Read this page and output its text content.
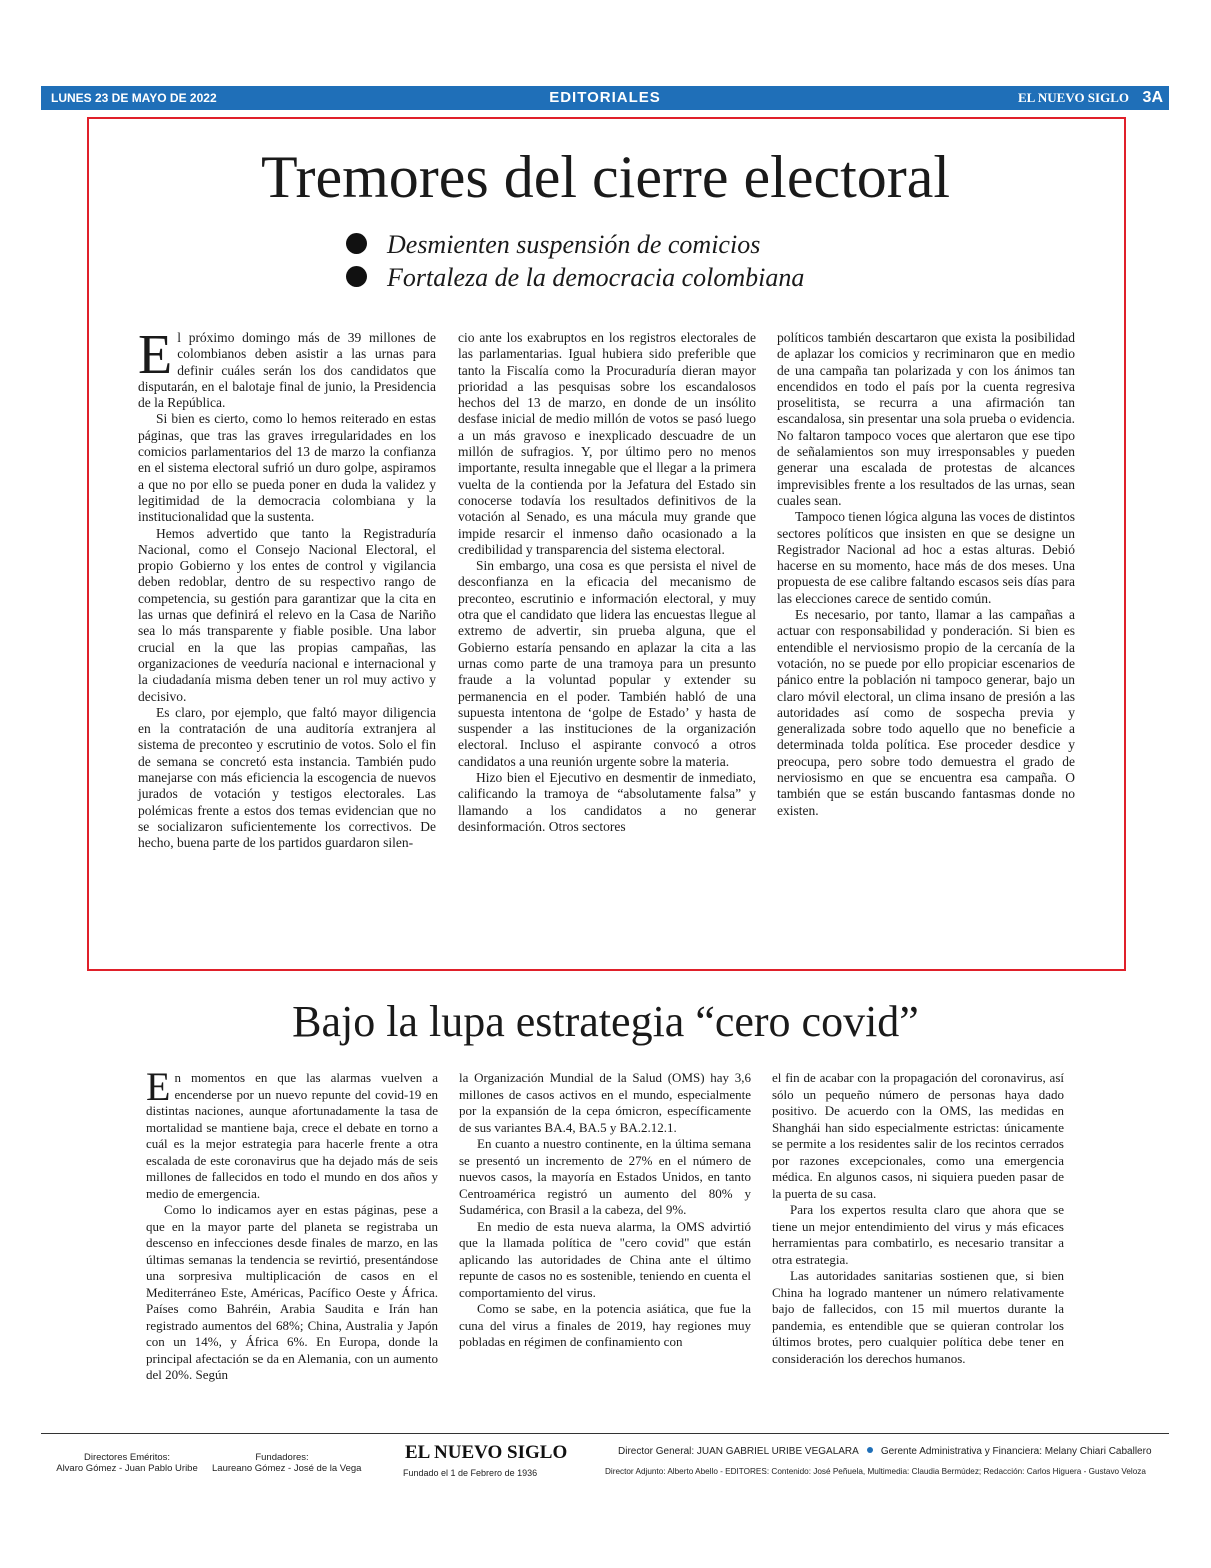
EDITORIALES
LUNES 23 DE MAYO DE 2022	EL NUEVO SIGLO 3A
Tremores del cierre electoral
Desmienten suspensión de comicios
Fortaleza de la democracia colombiana

El próximo domingo más de 39 millones de colombianos deben asistir a las urnas para definir cuáles serán los dos candidatos que disputarán, en el balotaje final de junio, la Presidencia de la República.

Si bien es cierto, como lo hemos reiterado en estas páginas, que tras las graves irregularidades en los comicios parlamentarios del 13 de marzo la confianza en el sistema electoral sufrió un duro golpe, aspiramos a que no por ello se pueda poner en duda la validez y legitimidad de la democracia colombiana y la institucionalidad que la sustenta.

Hemos advertido que tanto la Registraduría Nacional, como el Consejo Nacional Electoral, el propio Gobierno y los entes de control y vigilancia deben redoblar, dentro de su respectivo rango de competencia, su gestión para garantizar que la cita en las urnas que definirá el relevo en la Casa de Nariño sea lo más transparente y fiable posible. Una labor crucial en la que las propias campañas, las organizaciones de veeduría nacional e internacional y la ciudadanía misma deben tener un rol muy activo y decisivo.

Es claro, por ejemplo, que faltó mayor diligencia en la contratación de una auditoría extranjera al sistema de preconteo y escrutinio de votos. Solo el fin de semana se concretó esta instancia. También pudo manejarse con más eficiencia la escogencia de nuevos jurados de votación y testigos electorales. Las polémicas frente a estos dos temas evidencian que no se socializaron suficientemente los correctivos. De hecho, buena parte de los partidos guardaron silen-

cio ante los exabruptos en los registros electorales de las parlamentarias. Igual hubiera sido preferible que tanto la Fiscalía como la Procuraduría dieran mayor prioridad a las pesquisas sobre los escandalosos hechos del 13 de marzo, en donde de un insólito desfase inicial de medio millón de votos se pasó luego a un más gravoso e inexplicado descuadre de un millón de sufragios. Y, por último pero no menos importante, resulta innegable que el llegar a la primera vuelta de la contienda por la Jefatura del Estado sin conocerse todavía los resultados definitivos de la votación al Senado, es una mácula muy grande que impide resarcir el inmenso daño ocasionado a la credibilidad y transparencia del sistema electoral.

Sin embargo, una cosa es que persista el nivel de desconfianza en la eficacia del mecanismo de preconteo, escrutinio e información electoral, y muy otra que el candidato que lidera las encuestas llegue al extremo de advertir, sin prueba alguna, que el Gobierno estaría pensando en aplazar la cita a las urnas como parte de una tramoya para un presunto fraude a la voluntad popular y extender su permanencia en el poder. También habló de una supuesta intentona de ‘golpe de Estado’ y hasta de suspender a las instituciones de la organización electoral. Incluso el aspirante convocó a otros candidatos a una reunión urgente sobre la materia.

Hizo bien el Ejecutivo en desmentir de inmediato, calificando la tramoya de “absolutamente falsa” y llamando a los candidatos a no generar desinformación. Otros sectores

políticos también descartaron que exista la posibilidad de aplazar los comicios y recriminaron que en medio de una campaña tan polarizada y con los ánimos tan encendidos en todo el país por la cuenta regresiva proselitista, se recurra a una afirmación tan escandalosa, sin presentar una sola prueba o evidencia. No faltaron tampoco voces que alertaron que ese tipo de señalamientos son muy irresponsables y pueden generar una escalada de protestas de alcances imprevisibles frente a los resultados de las urnas, sean cuales sean.

Tampoco tienen lógica alguna las voces de distintos sectores políticos que insisten en que se designe un Registrador Nacional ad hoc a estas alturas. Debió hacerse en su momento, hace más de dos meses. Una propuesta de ese calibre faltando escasos seis días para las elecciones carece de sentido común.

Es necesario, por tanto, llamar a las campañas a actuar con responsabilidad y ponderación. Si bien es entendible el nerviosismo propio de la cercanía de la votación, no se puede por ello propiciar escenarios de pánico entre la población ni tampoco generar, bajo un claro móvil electoral, un clima insano de presión a las autoridades así como de sospecha previa y generalizada sobre todo aquello que no beneficie a determinada tolda política. Ese proceder desdice y preocupa, pero sobre todo demuestra el grado de nerviosismo en que se encuentra esa campaña. O también que se están buscando fantasmas donde no existen.

Bajo la lupa estrategia “cero covid”

En momentos en que las alarmas vuelven a encenderse por un nuevo repunte del covid-19 en distintas naciones, aunque afortunadamente la tasa de mortalidad se mantiene baja, crece el debate en torno a cuál es la mejor estrategia para hacerle frente a otra escalada de este coronavirus que ha dejado más de seis millones de fallecidos en todo el mundo en dos años y medio de emergencia.

Como lo indicamos ayer en estas páginas, pese a que en la mayor parte del planeta se registraba un descenso en infecciones desde finales de marzo, en las últimas semanas la tendencia se revirtió, presentándose una sorpresiva multiplicación de casos en el Mediterráneo Este, Américas, Pacífico Oeste y África. Países como Bahréin, Arabia Saudita e Irán han registrado aumentos del 68%; China, Australia y Japón con un 14%, y África 6%. En Europa, donde la principal afectación se da en Alemania, con un aumento del 20%. Según

la Organización Mundial de la Salud (OMS) hay 3,6 millones de casos activos en el mundo, especialmente por la expansión de la cepa ómicron, específicamente de sus variantes BA.4, BA.5 y BA.2.12.1.

En cuanto a nuestro continente, en la última semana se presentó un incremento de 27% en el número de nuevos casos, la mayoría en Estados Unidos, en tanto Centroamérica registró un aumento del 80% y Sudamérica, con Brasil a la cabeza, del 9%.

En medio de esta nueva alarma, la OMS advirtió que la llamada política de "cero covid" que están aplicando las autoridades de China ante el último repunte de casos no es sostenible, teniendo en cuenta el comportamiento del virus.

Como se sabe, en la potencia asiática, que fue la cuna del virus a finales de 2019, hay regiones muy pobladas en régimen de confinamiento con

el fin de acabar con la propagación del coronavirus, así sólo un pequeño número de personas haya dado positivo. De acuerdo con la OMS, las medidas en Shanghái han sido especialmente estrictas: únicamente se permite a los residentes salir de los recintos cerrados por razones excepcionales, como una emergencia médica. En algunos casos, ni siquiera pueden pasar de la puerta de su casa.

Para los expertos resulta claro que ahora que se tiene un mejor entendimiento del virus y más eficaces herramientas para combatirlo, es necesario transitar a otra estrategia.

Las autoridades sanitarias sostienen que, si bien China ha logrado mantener un número relativamente bajo de fallecidos, con 15 mil muertos durante la pandemia, es entendible que se quieran controlar los últimos brotes, pero cualquier política debe tener en consideración los derechos humanos.

Directores Eméritos:
Alvaro Gómez - Juan Pablo Uribe
Fundadores:
Laureano Gómez - José de la Vega
EL NUEVO SIGLO
Fundado el 1 de Febrero de 1936
Director General: JUAN GABRIEL URIBE VEGALARA Gerente Administrativa y Financiera: Melany Chiari Caballero
Director Adjunto: Alberto Abello - EDITORES: Contenido: José Peñuela, Multimedia: Claudia Bermúdez; Redacción: Carlos Higuera - Gustavo Veloza
